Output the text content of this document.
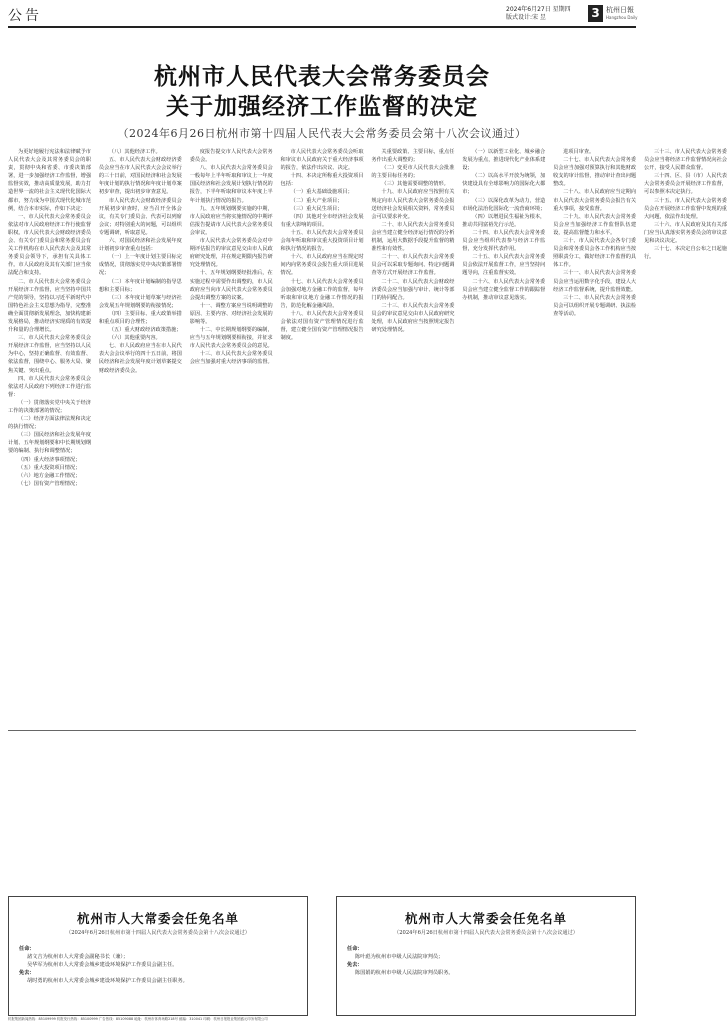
公告	2024年6月27日 星期四
版式设计:宋 昱	3 杭州日報
Hangzhou Daily
杭州市人民代表大会常务委员会
关于加强经济工作监督的决定
（2024年6月26日杭州市第十四届人民代表大会常务委员会第十八次会议通过）

为更好地履行宪法和法律赋予市人民代表大会及其常务委员会的职责，贯彻中央和省委、市委决策部署，进一步加强经济工作监督，增强监督实效，推动高质量发展，助力打造世界一流的社会主义现代化国际大都市，努力成为中国式现代化城市范例，结合本市实际，作如下决定：

一、市人民代表大会常务委员会依法对市人民政府经济工作行使监督职权。市人民代表大会财政经济委员会、有关专门委员会和常务委员会有关工作机构在市人民代表大会及其常务委员会领导下，承担有关具体工作。市人民政府及其有关部门应当依法配合和支持。

二、市人民代表大会常务委员会开展经济工作监督，应当坚持中国共产党的领导，坚持以习近平新时代中国特色社会主义思想为指导，完整准确全面贯彻新发展理念，加快构建新发展格局，推动经济实现质的有效提升和量的合理增长。

三、市人民代表大会常务委员会开展经济工作监督，应当坚持以人民为中心，坚持正确监督、有效监督、依法监督，围绕中心、服务大局、聚焦关键、突出重点。

四、市人民代表大会常务委员会依法对人民政府下列经济工作进行监督：

（一）贯彻落实党中央关于经济工作的决策部署的情况；

（二）经济方面法律法规和决定的执行情况；

（三）国民经济和社会发展年度计划、五年规划纲要和中长期规划纲要的编制、执行和调整情况；

（四）重大经济事项情况；

（五）重大投资项目情况；

（六）地方金融工作情况；

（七）国有资产管理情况；

（八）其他经济工作。

五、市人民代表大会财政经济委员会应当在市人民代表大会会议举行的三十日前，对国民经济和社会发展年度计划的执行情况和年度计划草案初步审查，提出初步审查意见。

市人民代表大会财政经济委员会开展初步审查时，应当召开全体会议，有关专门委员会、代表可以列席会议；对特别重大的问题，可以组织专题调研，听取意见。

六、对国民经济和社会发展年度计划初步审查重点包括：

（一）上一年度计划主要目标完成情况，贯彻落实党中央决策部署情况；

（二）本年度计划编制的指导思想和主要目标；

（三）本年度计划草案与经济社会发展五年规划纲要的衔接情况；

（四）主要目标、重大政策举措和重点项目的合理性；

（五）重大财政经济政策措施；

（六）其他重要内容。

七、市人民政府应当在市人民代表大会会议举行的四十五日前，将国民经济和社会发展年度计划草案提交财政经济委员会。

度报告提交市人民代表大会常务委员会。

八、市人民代表大会常务委员会一般每年上半年听取和审议上一年度国民经济和社会发展计划执行情况的报告，下半年听取和审议本年度上半年计划执行情况的报告。

九、五年规划纲要实施的中期，市人民政府应当将实施情况的中期评估报告提请市人民代表大会常务委员会审议。

市人民代表大会常务委员会对中期评估报告的审议意见交由市人民政府研究处理，并在规定期限内报告研究处理情况。

十、五年规划纲要经批准后，在实施过程中需要作出调整的，市人民政府应当向市人民代表大会常务委员会提出调整方案的议案。

十一、调整方案应当说明调整的原因、主要内容、对经济社会发展的影响等。

十二、中长期规划纲要的编制，应当与五年规划纲要相衔接，并征求市人民代表大会常务委员会的意见。

十三、市人民代表大会常务委员会应当加强对重大经济事项的监督。

市人民代表大会常务委员会听取和审议市人民政府关于重大经济事项的报告，依法作出决议、决定。

十四、本决定所称重大投资项目包括：

（一）重大基础设施项目；

（二）重大产业项目；

（三）重大民生项目；

（四）其他对全市经济社会发展有重大影响的项目。

十五、市人民代表大会常务委员会每年听取和审议重大投资项目计划和执行情况的报告。

十六、市人民政府应当在规定时间内向常务委员会报告重大项目进展情况。

十七、市人民代表大会常务委员会加强对地方金融工作的监督，每年听取和审议地方金融工作情况的报告，防范化解金融风险。

十八、市人民代表大会常务委员会依法对国有资产管理情况进行监督，建立健全国有资产管理情况报告制度。

关重要政策、主要目标，重点任务作出重大调整的；

（二）变更市人民代表大会批准的主要目标任务的；

（三）其他需要调整的情形。

十九、市人民政府应当按照有关规定向市人民代表大会常务委员会报送经济社会发展相关资料，常务委员会可以要求补充。

二十、市人民代表大会常务委员会应当建立健全经济运行情况的分析机制，运用大数据手段提升监督的精准性和有效性。

二十一、市人民代表大会常务委员会可以采取专题询问、特定问题调查等方式开展经济工作监督。

二十二、市人民代表大会财政经济委员会应当加强与审计、统计等部门的协同配合。

二十三、市人民代表大会常务委员会的审议意见交由市人民政府研究处理，市人民政府应当按照规定报告研究处理情况。

（一）以新型工业化、城乡融合发展为重点，推进现代化产业体系建设；

（二）以高水平开放为统领，加快建设具有全球影响力的国际化大都市；

（三）以深化改革为动力，营造市场化法治化国际化一流营商环境；

（四）以增进民生福祉为根本，推动共同富裕先行示范。

二十四、市人民代表大会常务委员会应当组织代表参与经济工作监督，充分发挥代表作用。

二十五、市人民代表大会常务委员会依法开展监督工作，应当坚持问题导向，注重监督实效。

二十六、市人民代表大会常务委员会应当建立健全监督工作的跟踪督办机制，推动审议意见落实。

进项目审查。

二十七、市人民代表大会常务委员会应当加强对预算执行和其他财政收支的审计监督，推动审计查出问题整改。

二十八、市人民政府应当定期向市人民代表大会常务委员会报告有关重大事项，接受监督。

二十九、市人民代表大会常务委员会应当加强经济工作监督队伍建设，提高监督能力和水平。

三十、市人民代表大会各专门委员会和常务委员会各工作机构应当按照职责分工，做好经济工作监督的具体工作。

三十一、市人民代表大会常务委员会应当运用数字化手段，建设人大经济工作监督系统，提升监督效能。

三十二、市人民代表大会常务委员会可以组织开展专题调研、执法检查等活动。

三十三、市人民代表大会常务委员会应当将经济工作监督情况向社会公开，接受人民群众监督。

三十四、区、县（市）人民代表大会常务委员会开展经济工作监督，可以参照本决定执行。

三十五、市人民代表大会常务委员会在开展经济工作监督中发现的重大问题，依法作出处理。

三十六、市人民政府及其有关部门应当认真落实常务委员会的审议意见和决议决定。

三十七、本决定自公布之日起施行。

杭州市人大常委会任免名单
（2024年6月26日杭州市第十四届人民代表大会常务委员会第十八次会议通过）
任命：
諸文吉为杭州市人大常委会副秘书长（兼）；
吴华军为杭州市人大常委会城乡建设环境保护工作委员会副主任。
免去：
胡时勇的杭州市人大常委会城乡建设环境保护工作委员会副主任职务。
杭州市人大常委会任免名单
（2024年6月26日杭州市第十四届人民代表大会常务委员会第十八次会议通过）
任命：
陈叶彪为杭州市中级人民法院审判员；
免去：
陈国娟的杭州市中级人民法院审判员职务。
杭报集团新闻热线：85109999 杭报发行热线：85100999 广告热线：85109088 地址：杭州市体育场路218号 邮编：310041 印刷：杭州日报报业集团盛元印务有限公司
